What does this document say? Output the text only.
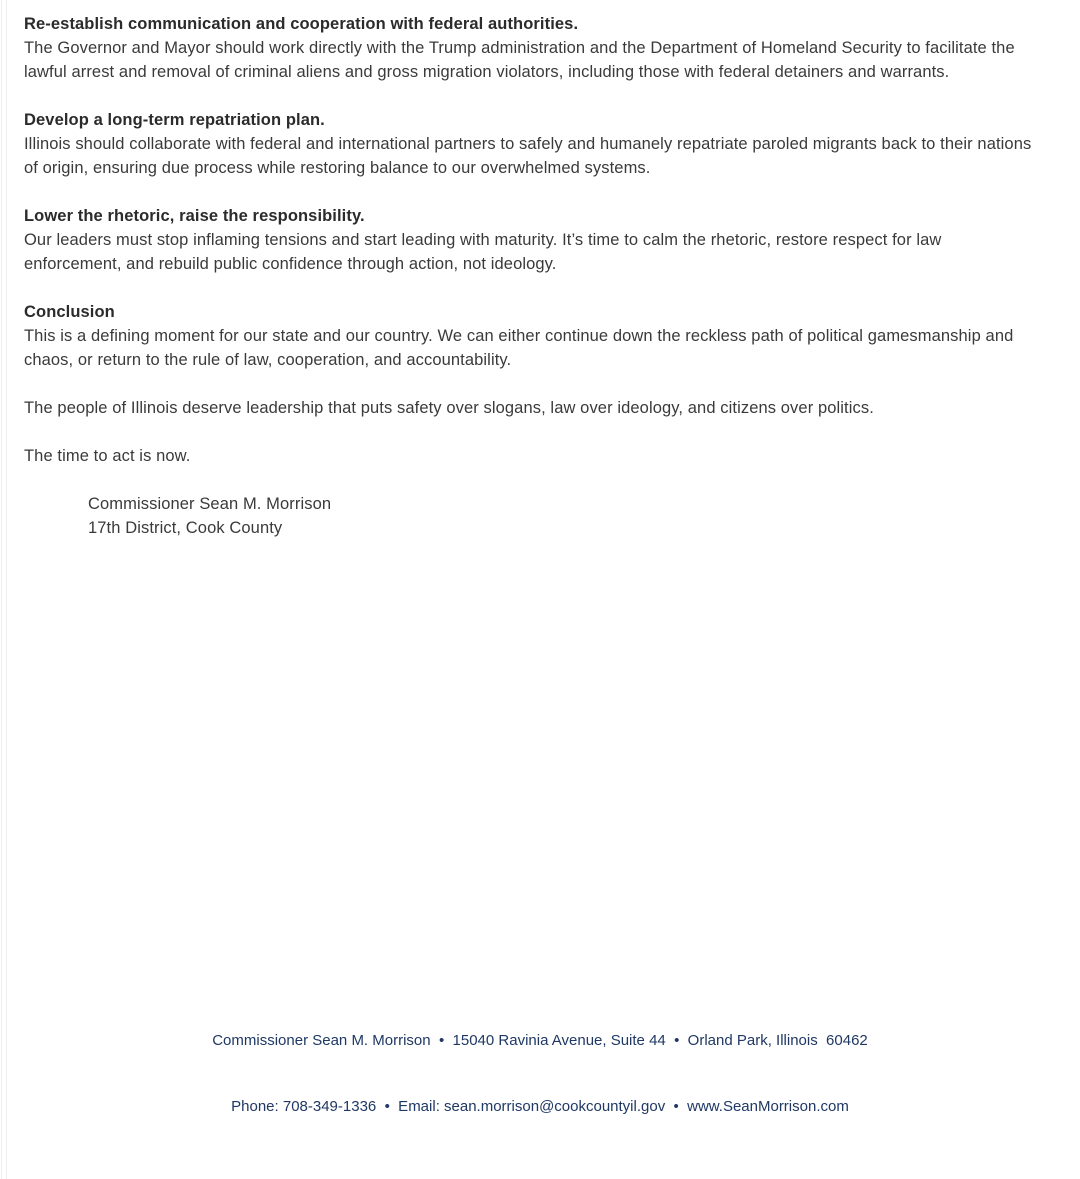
Re-establish communication and cooperation with federal authorities.

The Governor and Mayor should work directly with the Trump administration and the Department of Homeland Security to facilitate the lawful arrest and removal of criminal aliens and gross migration violators, including those with federal detainers and warrants.

Develop a long-term repatriation plan.

Illinois should collaborate with federal and international partners to safely and humanely repatriate paroled migrants back to their nations of origin, ensuring due process while restoring balance to our overwhelmed systems.

Lower the rhetoric, raise the responsibility.

Our leaders must stop inflaming tensions and start leading with maturity. It’s time to calm the rhetoric, restore respect for law enforcement, and rebuild public confidence through action, not ideology.

Conclusion

This is a defining moment for our state and our country. We can either continue down the reckless path of political gamesmanship and chaos, or return to the rule of law, cooperation, and accountability.

The people of Illinois deserve leadership that puts safety over slogans, law over ideology, and citizens over politics.

The time to act is now.

Commissioner Sean M. Morrison
17th District, Cook County

Commissioner Sean M. Morrison  •  15040 Ravinia Avenue, Suite 44  •  Orland Park, Illinois  60462

Phone: 708-349-1336  •  Email: sean.morrison@cookcountyil.gov  •  www.SeanMorrison.com
